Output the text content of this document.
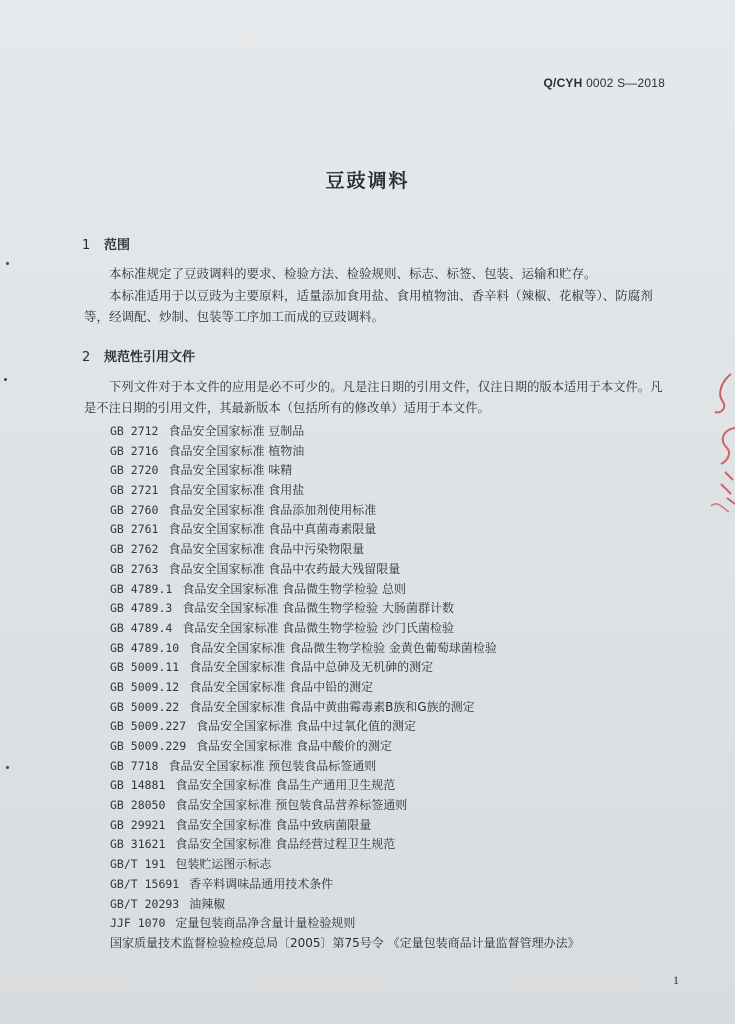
Q/CYH 0002 S—2018
豆豉调料
1 范围
本标准规定了豆豉调料的要求、检验方法、检验规则、标志、标签、包装、运输和贮存。
本标准适用于以豆豉为主要原料，适量添加食用盐、食用植物油、香辛料（辣椒、花椒等）、防腐剂等，经调配、炒制、包装等工序加工而成的豆豉调料。
2 规范性引用文件
下列文件对于本文件的应用是必不可少的。凡是注日期的引用文件，仅注日期的版本适用于本文件。凡是不注日期的引用文件，其最新版本（包括所有的修改单）适用于本文件。
GB 2712 食品安全国家标准 豆制品
GB 2716 食品安全国家标准 植物油
GB 2720 食品安全国家标准 味精
GB 2721 食品安全国家标准 食用盐
GB 2760 食品安全国家标准 食品添加剂使用标准
GB 2761 食品安全国家标准 食品中真菌毒素限量
GB 2762 食品安全国家标准 食品中污染物限量
GB 2763 食品安全国家标准 食品中农药最大残留限量
GB 4789.1 食品安全国家标准 食品微生物学检验 总则
GB 4789.3 食品安全国家标准 食品微生物学检验 大肠菌群计数
GB 4789.4 食品安全国家标准 食品微生物学检验 沙门氏菌检验
GB 4789.10 食品安全国家标准 食品微生物学检验 金黄色葡萄球菌检验
GB 5009.11 食品安全国家标准 食品中总砷及无机砷的测定
GB 5009.12 食品安全国家标准 食品中铅的测定
GB 5009.22 食品安全国家标准 食品中黄曲霉毒素B族和G族的测定
GB 5009.227 食品安全国家标准 食品中过氧化值的测定
GB 5009.229 食品安全国家标准 食品中酸价的测定
GB 7718 食品安全国家标准 预包装食品标签通则
GB 14881 食品安全国家标准 食品生产通用卫生规范
GB 28050 食品安全国家标准 预包装食品营养标签通则
GB 29921 食品安全国家标准 食品中致病菌限量
GB 31621 食品安全国家标准 食品经营过程卫生规范
GB/T 191 包装贮运图示标志
GB/T 15691 香辛料调味品通用技术条件
GB/T 20293 油辣椒
JJF 1070 定量包装商品净含量计量检验规则
国家质量技术监督检验检疫总局〔2005〕第75号令 《定量包装商品计量监督管理办法》
1
